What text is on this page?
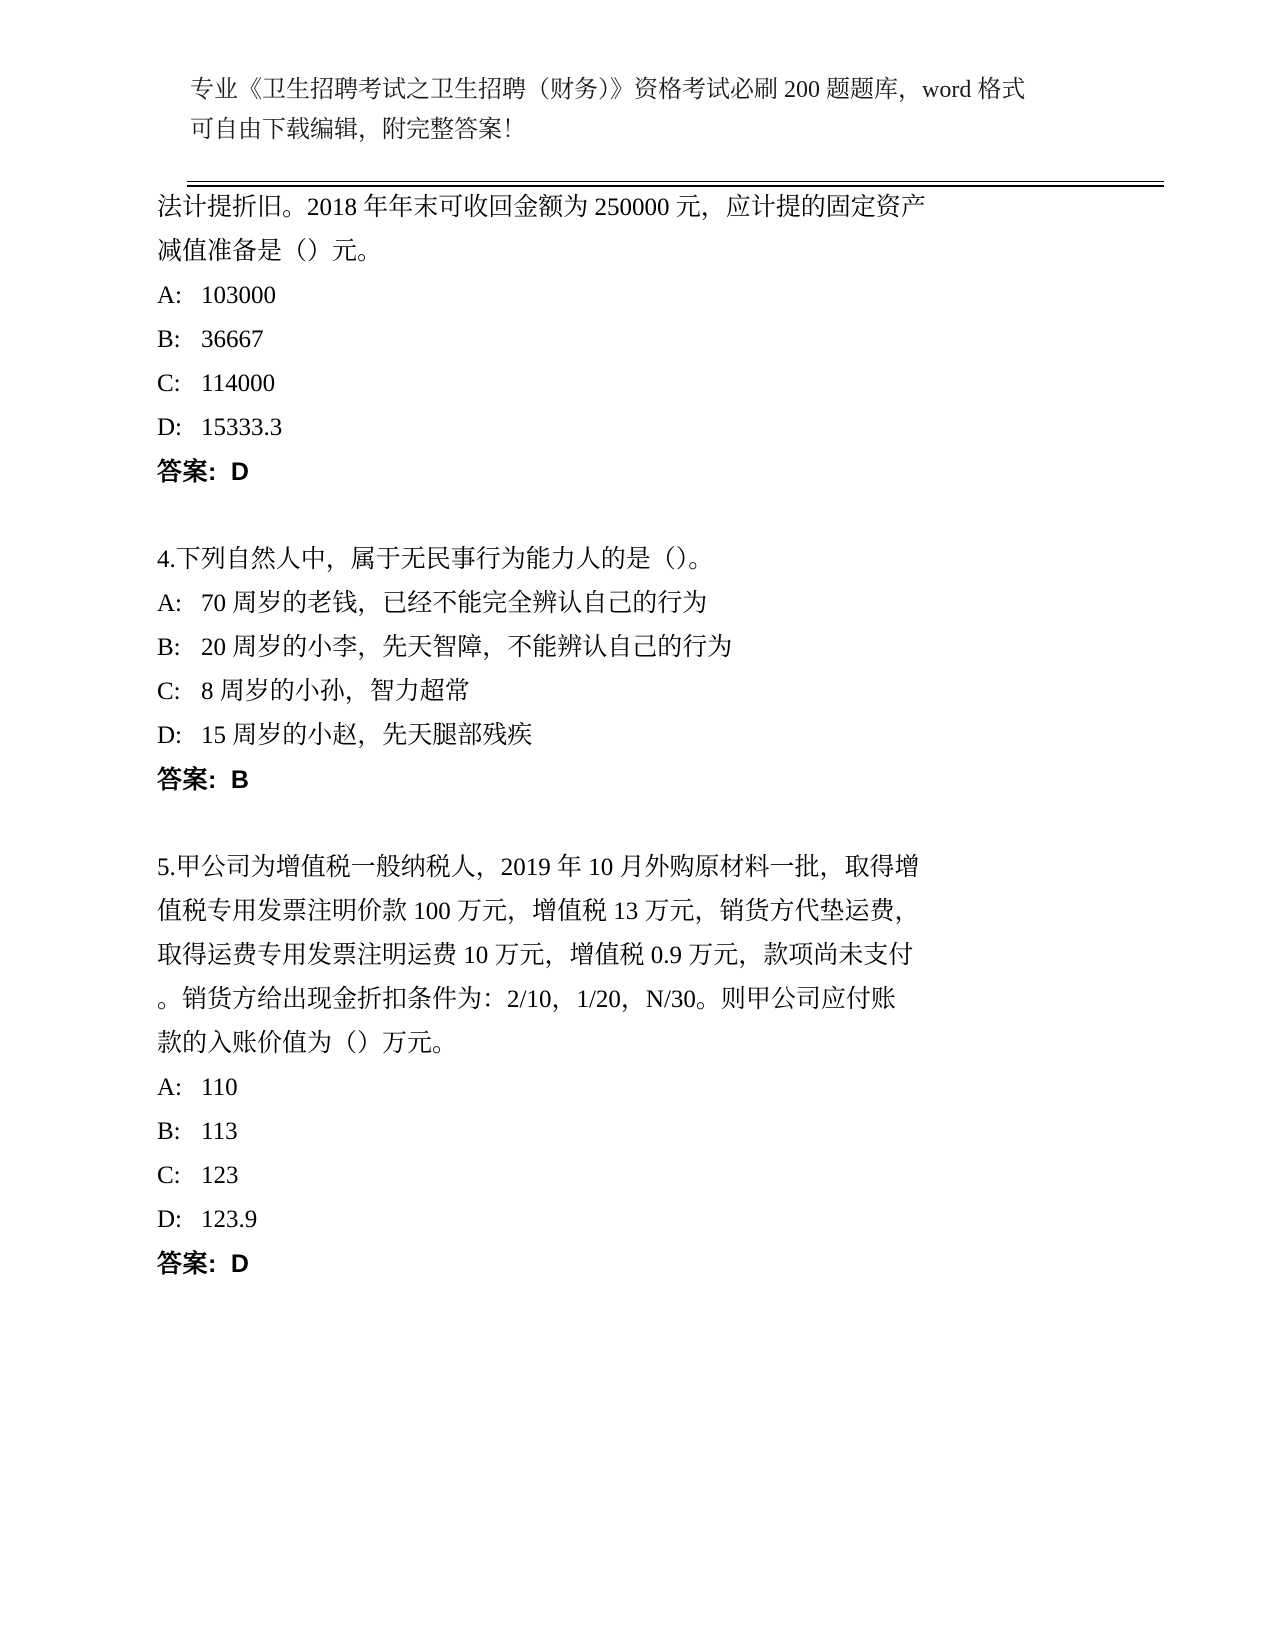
专业《卫生招聘考试之卫生招聘（财务）》资格考试必刷 200 题题库，word 格式
可自由下载编辑，附完整答案！
法计提折旧。2018 年年末可收回金额为 250000 元，应计提的固定资产
减值准备是（）元。
A: 103000
B: 36667
C: 114000
D: 15333.3
答案: D
4.下列自然人中，属于无民事行为能力人的是（）。
A: 70 周岁的老钱，已经不能完全辨认自己的行为
B: 20 周岁的小李，先天智障，不能辨认自己的行为
C: 8 周岁的小孙，智力超常
D: 15 周岁的小赵，先天腿部残疾
答案: B
5.甲公司为增值税一般纳税人，2019 年 10 月外购原材料一批，取得增
值税专用发票注明价款 100 万元，增值税 13 万元，销货方代垫运费，
取得运费专用发票注明运费 10 万元，增值税 0.9 万元，款项尚未支付
。销货方给出现金折扣条件为：2/10，1/20，N/30。则甲公司应付账
款的入账价值为（）万元。
A: 110
B: 113
C: 123
D: 123.9
答案: D
